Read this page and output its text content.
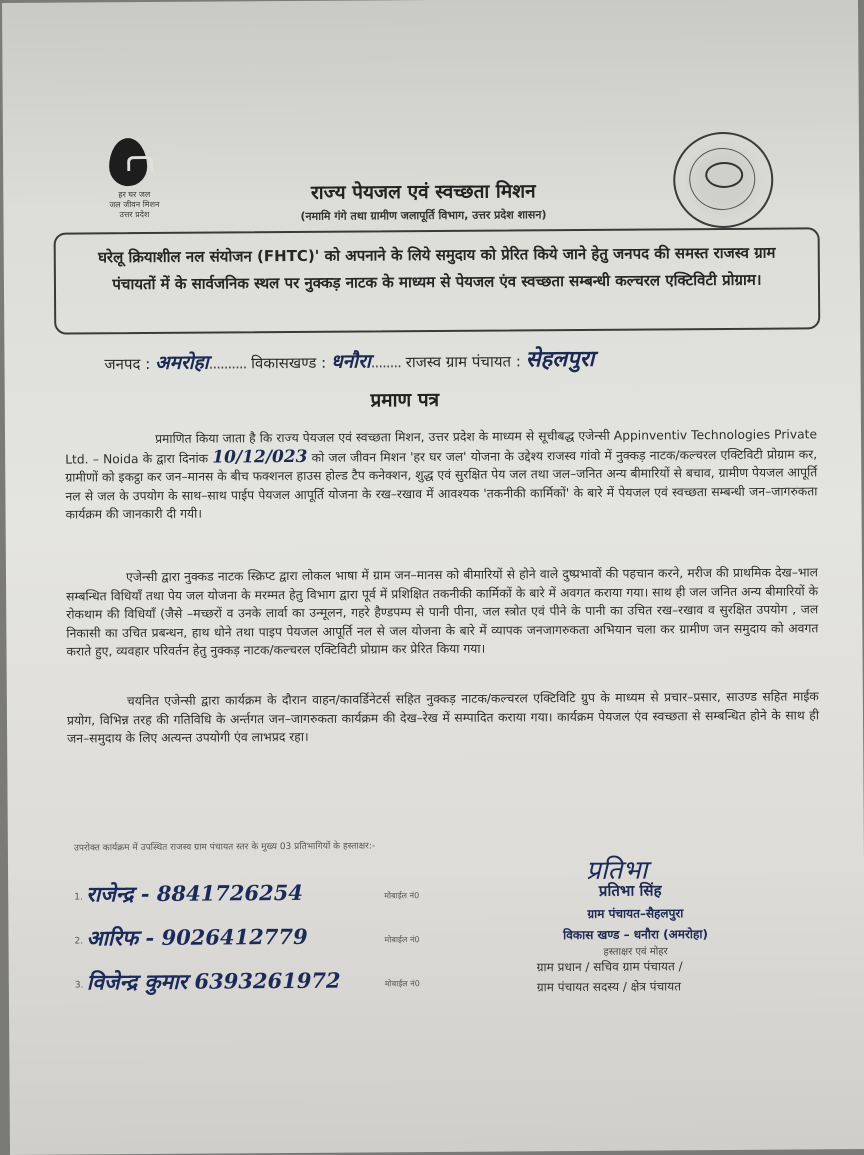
हर घर जल
जल जीवन मिशन
उत्तर प्रदेश
राज्य पेयजल एवं स्वच्छता मिशन
(नमामि गंगे तथा ग्रामीण जलापूर्ति विभाग, उत्तर प्रदेश शासन)
घरेलू क्रियाशील नल संयोजन (FHTC)' को अपनाने के लिये समुदाय को प्रेरित किये जाने हेतु जनपद की समस्त राजस्व ग्राम पंचायतों में के सार्वजनिक स्थल पर नुक्कड़ नाटक के माध्यम से पेयजल एंव स्वच्छता सम्बन्धी कल्चरल एक्टिविटी प्रोग्राम।
जनपद : अमरोहा.......... विकासखण्ड : धनौरा........ राजस्व ग्राम पंचायत : सेहलपुरा
प्रमाण पत्र
प्रमाणित किया जाता है कि राज्य पेयजल एवं स्वच्छता मिशन, उत्तर प्रदेश के माध्यम से सूचीबद्ध एजेन्सी Appinventiv Technologies Private Ltd. – Noida के द्वारा दिनांक 10/12/023 को जल जीवन मिशन 'हर घर जल' योजना के उद्देश्य राजस्व गांवो में नुक्कड़ नाटक/कल्चरल एक्टिविटी प्रोग्राम कर, ग्रामीणों को इकट्ठा कर जन–मानस के बीच फक्शनल हाउस होल्ड टैप कनेक्शन, शुद्ध एवं सुरक्षित पेय जल तथा जल–जनित अन्य बीमारियों से बचाव, ग्रामीण पेयजल आपूर्ति नल से जल के उपयोग के साथ–साथ पाईप पेयजल आपूर्ति योजना के रख–रखाव में आवश्यक 'तकनीकी कार्मिकों' के बारे में पेयजल एवं स्वच्छता सम्बन्धी जन–जागरुकता कार्यक्रम की जानकारी दी गयी।
एजेन्सी द्वारा नुक्कड नाटक स्क्रिप्ट द्वारा लोकल भाषा में ग्राम जन–मानस को बीमारियों से होने वाले दुष्प्रभावों की पहचान करने, मरीज की प्राथमिक देख–भाल सम्बन्धित विधियाँ तथा पेय जल योजना के मरम्मत हेतु विभाग द्वारा पूर्व में प्रशिक्षित तकनीकी कार्मिकों के बारे में अवगत कराया गया। साथ ही जल जनित अन्य बीमारियों के रोकथाम की विधियाँ (जैसे –मच्छरों व उनके लार्वा का उन्मूलन, गहरे हैण्डपम्प से पानी पीना, जल स्त्रोत एवं पीने के पानी का उचित रख–रखाव व सुरक्षित उपयोग , जल निकासी का उचित प्रबन्धन, हाथ धोने तथा पाइप पेयजल आपूर्ति नल से जल योजना के बारे में व्यापक जनजागरुकता अभियान चला कर ग्रामीण जन समुदाय को अवगत कराते हुए, व्यवहार परिवर्तन हेतु नुक्कड़ नाटक/कल्चरल एक्टिविटी प्रोग्राम कर प्रेरित किया गया।
चयनित एजेन्सी द्वारा कार्यक्रम के दौरान वाहन/कावर्डिनेटर्स सहित नुक्कड़ नाटक/कल्चरल एक्टिविटि ग्रुप के माध्यम से प्रचार–प्रसार, साउण्ड सहित माईक प्रयोग, विभिन्न तरह की गतिविधि के अर्न्तगत जन–जागरुकता कार्यक्रम की देख–रेख में सम्पादित कराया गया। कार्यक्रम पेयजल एंव स्वच्छता से सम्बन्धित होने के साथ ही जन–समुदाय के लिए अत्यन्त उपयोगी एंव लाभप्रद रहा।
उपरोक्त कार्यक्रम में उपस्थित राजस्व ग्राम पंचायत स्तर के मुख्य 03 प्रतिभागियों के हस्ताक्षर:-
1. राजेन्द्र - 8841726254	मोबाईल नं0
2. आरिफ - 9026412779	मोबाईल नं0
3. विजेन्द्र कुमार 6393261972	मोबाईल नं0
प्रतिभा
प्रतिभा सिंह
ग्राम पंचायत–सैहलपुरा
विकास खण्ड – धनौरा (अमरोहा)
हस्ताक्षर एवं मोहर
ग्राम प्रधान / सचिव ग्राम पंचायत /
ग्राम पंचायत सदस्य / क्षेत्र पंचायत
